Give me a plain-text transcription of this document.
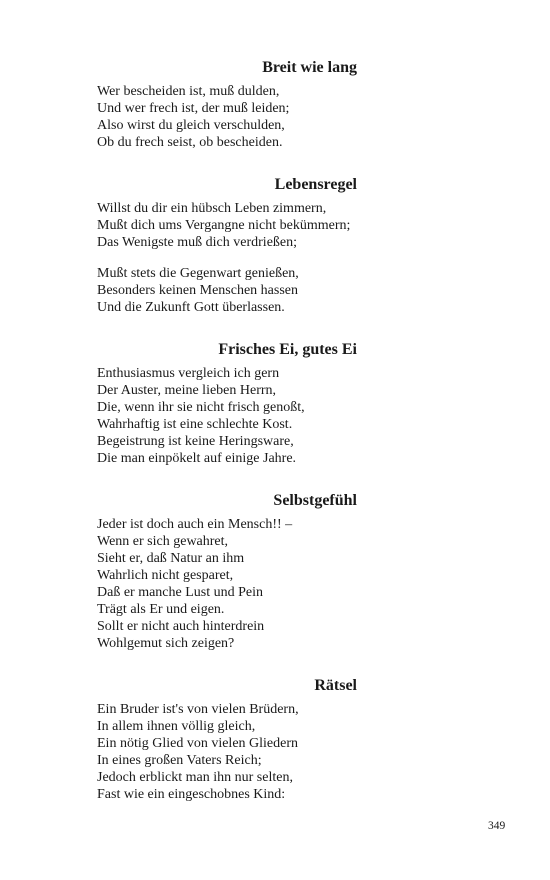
Breit wie lang
Wer bescheiden ist, muß dulden,
Und wer frech ist, der muß leiden;
Also wirst du gleich verschulden,
Ob du frech seist, ob bescheiden.
Lebensregel
Willst du dir ein hübsch Leben zimmern,
Mußt dich ums Vergangne nicht bekümmern;
Das Wenigste muß dich verdrießen;
Mußt stets die Gegenwart genießen,
Besonders keinen Menschen hassen
Und die Zukunft Gott überlassen.
Frisches Ei, gutes Ei
Enthusiasmus vergleich ich gern
Der Auster, meine lieben Herrn,
Die, wenn ihr sie nicht frisch genoßt,
Wahrhaftig ist eine schlechte Kost.
Begeistrung ist keine Heringsware,
Die man einpökelt auf einige Jahre.
Selbstgefühl
Jeder ist doch auch ein Mensch!! –
Wenn er sich gewahret,
Sieht er, daß Natur an ihm
Wahrlich nicht gesparet,
Daß er manche Lust und Pein
Trägt als Er und eigen.
Sollt er nicht auch hinterdrein
Wohlgemut sich zeigen?
Rätsel
Ein Bruder ist's von vielen Brüdern,
In allem ihnen völlig gleich,
Ein nötig Glied von vielen Gliedern
In eines großen Vaters Reich;
Jedoch erblickt man ihn nur selten,
Fast wie ein eingeschobnes Kind:
349
